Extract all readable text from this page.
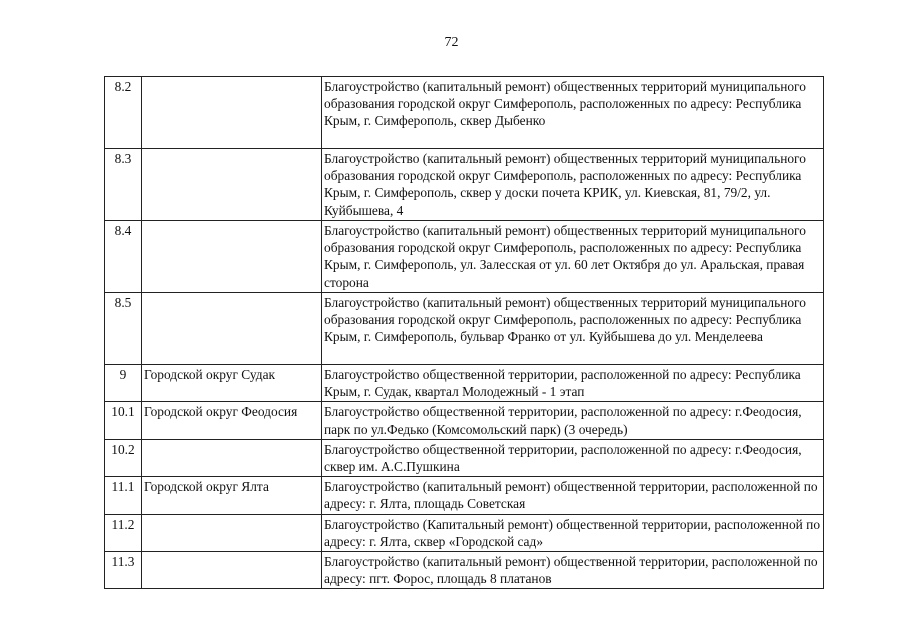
72
8.2		Благоустройство (капитальный ремонт) общественных территорий муниципального образования городской округ Симферополь, расположенных по адресу: Республика Крым, г. Симферополь, сквер Дыбенко
8.3		Благоустройство (капитальный ремонт) общественных территорий муниципального образования городской округ Симферополь, расположенных по адресу: Республика Крым, г. Симферополь, сквер у доски почета КРИК, ул. Киевская, 81, 79/2, ул. Куйбышева, 4
8.4		Благоустройство (капитальный ремонт) общественных территорий муниципального образования городской округ Симферополь, расположенных по адресу: Республика Крым, г. Симферополь, ул. Залесская от ул. 60 лет Октября до ул. Аральская, правая сторона
8.5		Благоустройство (капитальный ремонт) общественных территорий муниципального образования городской округ Симферополь, расположенных по адресу: Республика Крым, г. Симферополь, бульвар Франко от ул. Куйбышева до ул. Менделеева
9	Городской округ Судак	Благоустройство общественной территории, расположенной по адресу: Республика Крым, г. Судак, квартал Молодежный - 1 этап
10.1	Городской округ Феодосия	Благоустройство общественной территории, расположенной по адресу: г.Феодосия, парк по ул.Федько (Комсомольский парк) (3 очередь)
10.2		Благоустройство общественной территории, расположенной по адресу: г.Феодосия, сквер им. А.С.Пушкина
11.1	Городской округ Ялта	Благоустройство (капитальный ремонт) общественной территории, расположенной по адресу: г. Ялта, площадь Советская
11.2		Благоустройство (Капитальный ремонт) общественной территории, расположенной по адресу: г. Ялта, сквер «Городской сад»
11.3		Благоустройство (капитальный ремонт) общественной территории, расположенной по адресу: пгт. Форос, площадь 8 платанов
